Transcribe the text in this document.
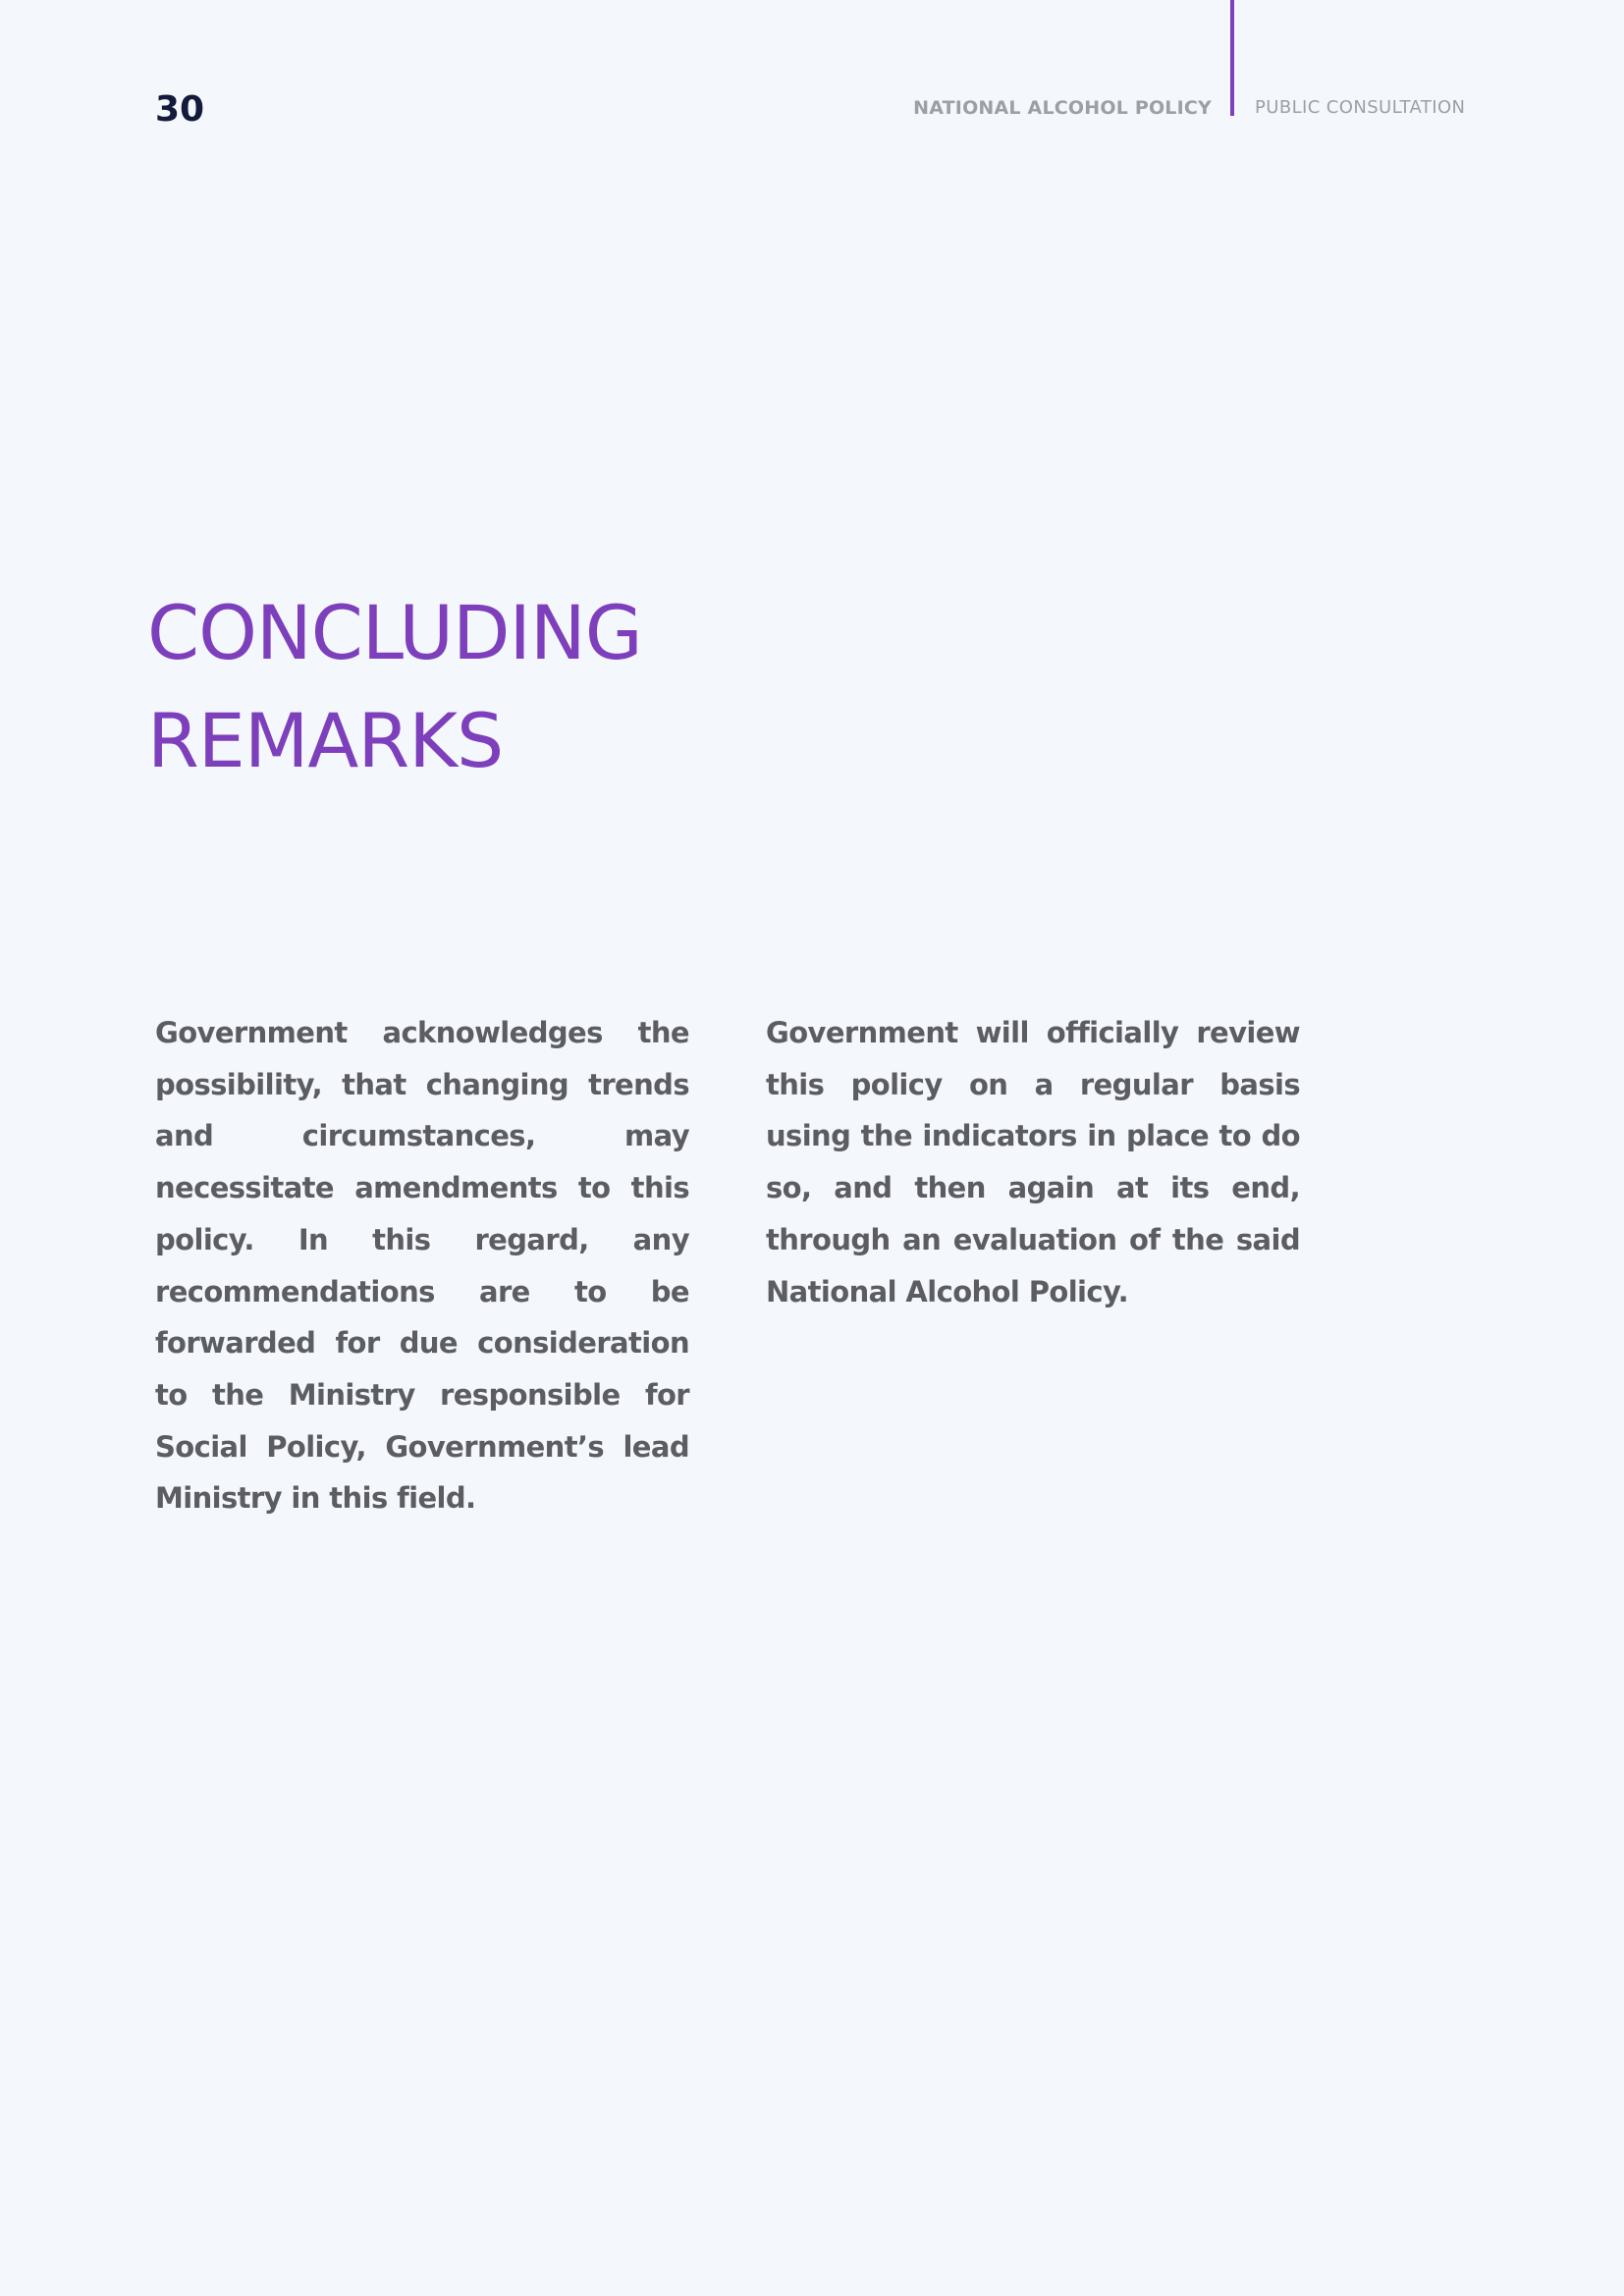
30	NATIONAL ALCOHOL POLICY PUBLIC CONSULTATION
CONCLUDING
REMARKS

Government acknowledges the possibility, that changing trends and circumstances, may necessitate amendments to this policy. In this regard, any recommendations are to be forwarded for due consideration to the Ministry responsible for Social Policy, Government’s lead Ministry in this field.

Government will officially review this policy on a regular basis using the indicators in place to do so, and then again at its end, through an evaluation of the said National Alcohol Policy.
